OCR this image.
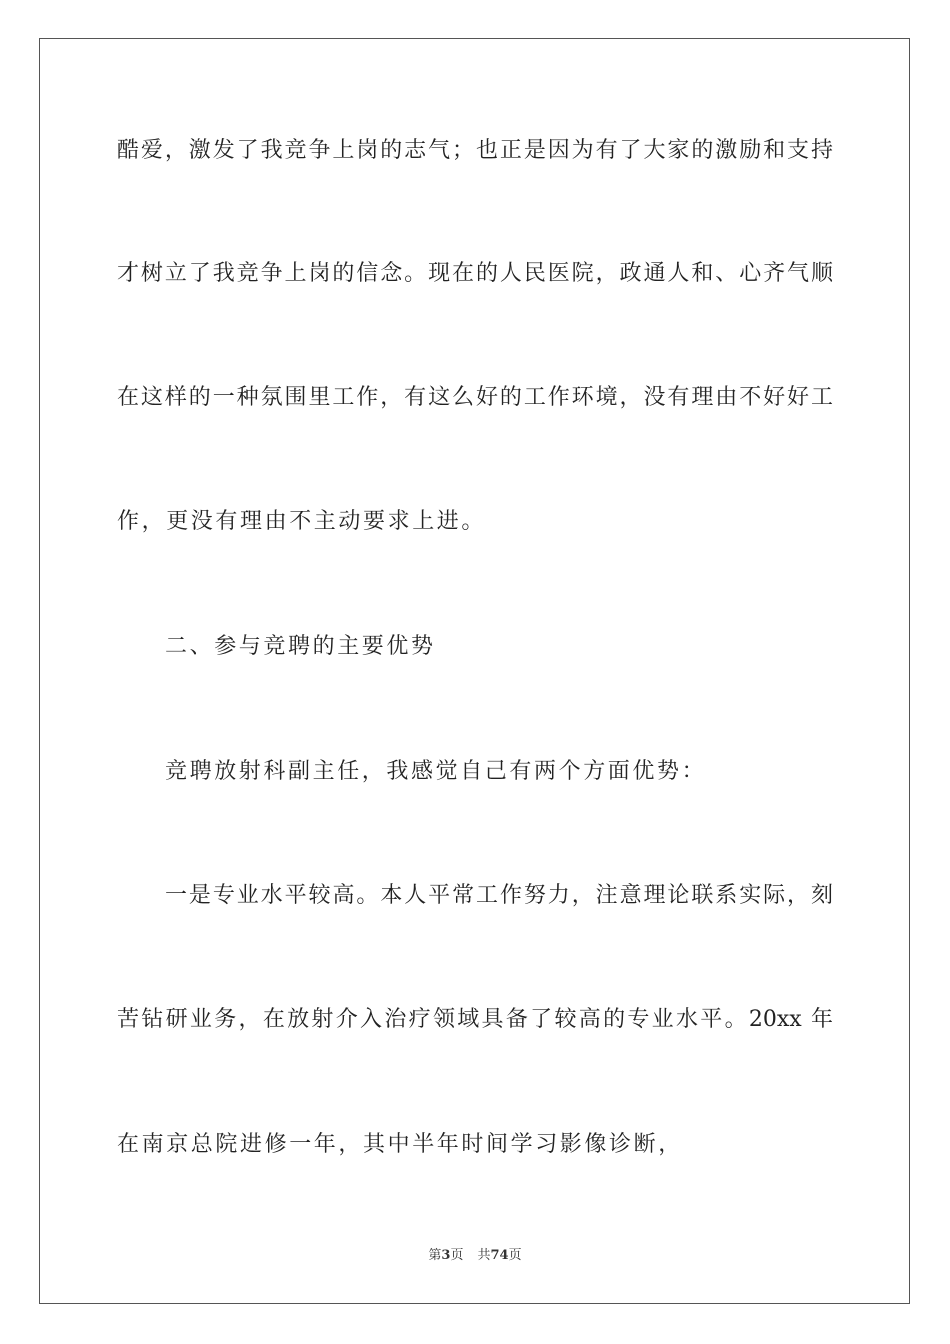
酷爱，激发了我竞争上岗的志气；也正是因为有了大家的激励和支持
才树立了我竞争上岗的信念。现在的人民医院，政通人和、心齐气顺
在这样的一种氛围里工作，有这么好的工作环境，没有理由不好好工
作，更没有理由不主动要求上进。
二、参与竞聘的主要优势
竞聘放射科副主任，我感觉自己有两个方面优势：
一是专业水平较高。本人平常工作努力，注意理论联系实际，刻
苦钻研业务，在放射介入治疗领域具备了较高的专业水平。20xx 年
在南京总院进修一年，其中半年时间学习影像诊断，
第3页 共74页
